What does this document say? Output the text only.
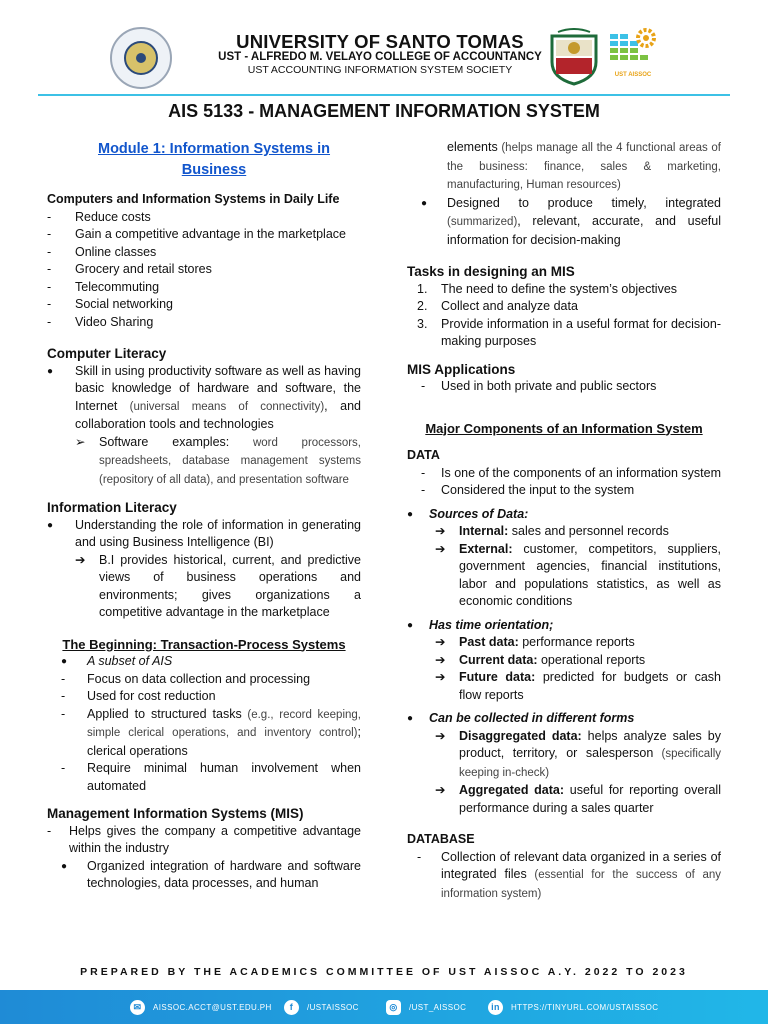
UNIVERSITY OF SANTO TOMAS
UST - ALFREDO M. VELAYO COLLEGE OF ACCOUNTANCY
UST ACCOUNTING INFORMATION SYSTEM SOCIETY	UST AISSOC
AIS 5133 - MANAGEMENT INFORMATION SYSTEM
Module 1: Information Systems in Business
Computers and Information Systems in Daily Life
-	Reduce costs
-	Gain a competitive advantage in the marketplace
-	Online classes
-	Grocery and retail stores
-	Telecommuting
-	Social networking
-	Video Sharing
Computer Literacy
●	Skill in using productivity software as well as having basic knowledge of hardware and software, the Internet (universal means of connectivity), and collaboration tools and technologies
➢	Software examples: word processors, spreadsheets, database management systems (repository of all data), and presentation software
Information Literacy
●	Understanding the role of information in generating and using Business Intelligence (BI)
➔	B.I provides historical, current, and predictive views of business operations and environments; gives organizations a competitive advantage in the marketplace
The Beginning: Transaction-Process Systems
●	A subset of AIS
-	Focus on data collection and processing
-	Used for cost reduction
-	Applied to structured tasks (e.g., record keeping, simple clerical operations, and inventory control); clerical operations
-	Require minimal human involvement when automated
Management Information Systems (MIS)
-	Helps gives the company a competitive advantage within the industry
●	Organized integration of hardware and software technologies, data processes, and human
elements (helps manage all the 4 functional areas of the business: finance, sales & marketing, manufacturing, Human resources)
●	Designed to produce timely, integrated (summarized), relevant, accurate, and useful information for decision-making
Tasks in designing an MIS
1.	The need to define the system’s objectives
2.	Collect and analyze data
3.	Provide information in a useful format for decision-making purposes
MIS Applications
-	Used in both private and public sectors
Major Components of an Information System
DATA
-	Is one of the components of an information system
-	Considered the input to the system
●	Sources of Data:
➔	Internal: sales and personnel records
➔	External: customer, competitors, suppliers, government agencies, financial institutions, labor and populations statistics, as well as economic conditions
●	Has time orientation;
➔	Past data: performance reports
➔	Current data: operational reports
➔	Future data: predicted for budgets or cash flow reports
●	Can be collected in different forms
➔	Disaggregated data: helps analyze sales by product, territory, or salesperson (specifically keeping in-check)
➔	Aggregated data: useful for reporting overall performance during a sales quarter
DATABASE
-	Collection of relevant data organized in a series of integrated files (essential for the success of any information system)
PREPARED BY THE ACADEMICS COMMITTEE OF UST AISSOC A.Y. 2022 TO 2023
✉	AISSOC.ACCT@UST.EDU.PH	f	/USTAISSOC	◎	/UST_AISSOC	in	HTTPS://TINYURL.COM/USTAISSOC
